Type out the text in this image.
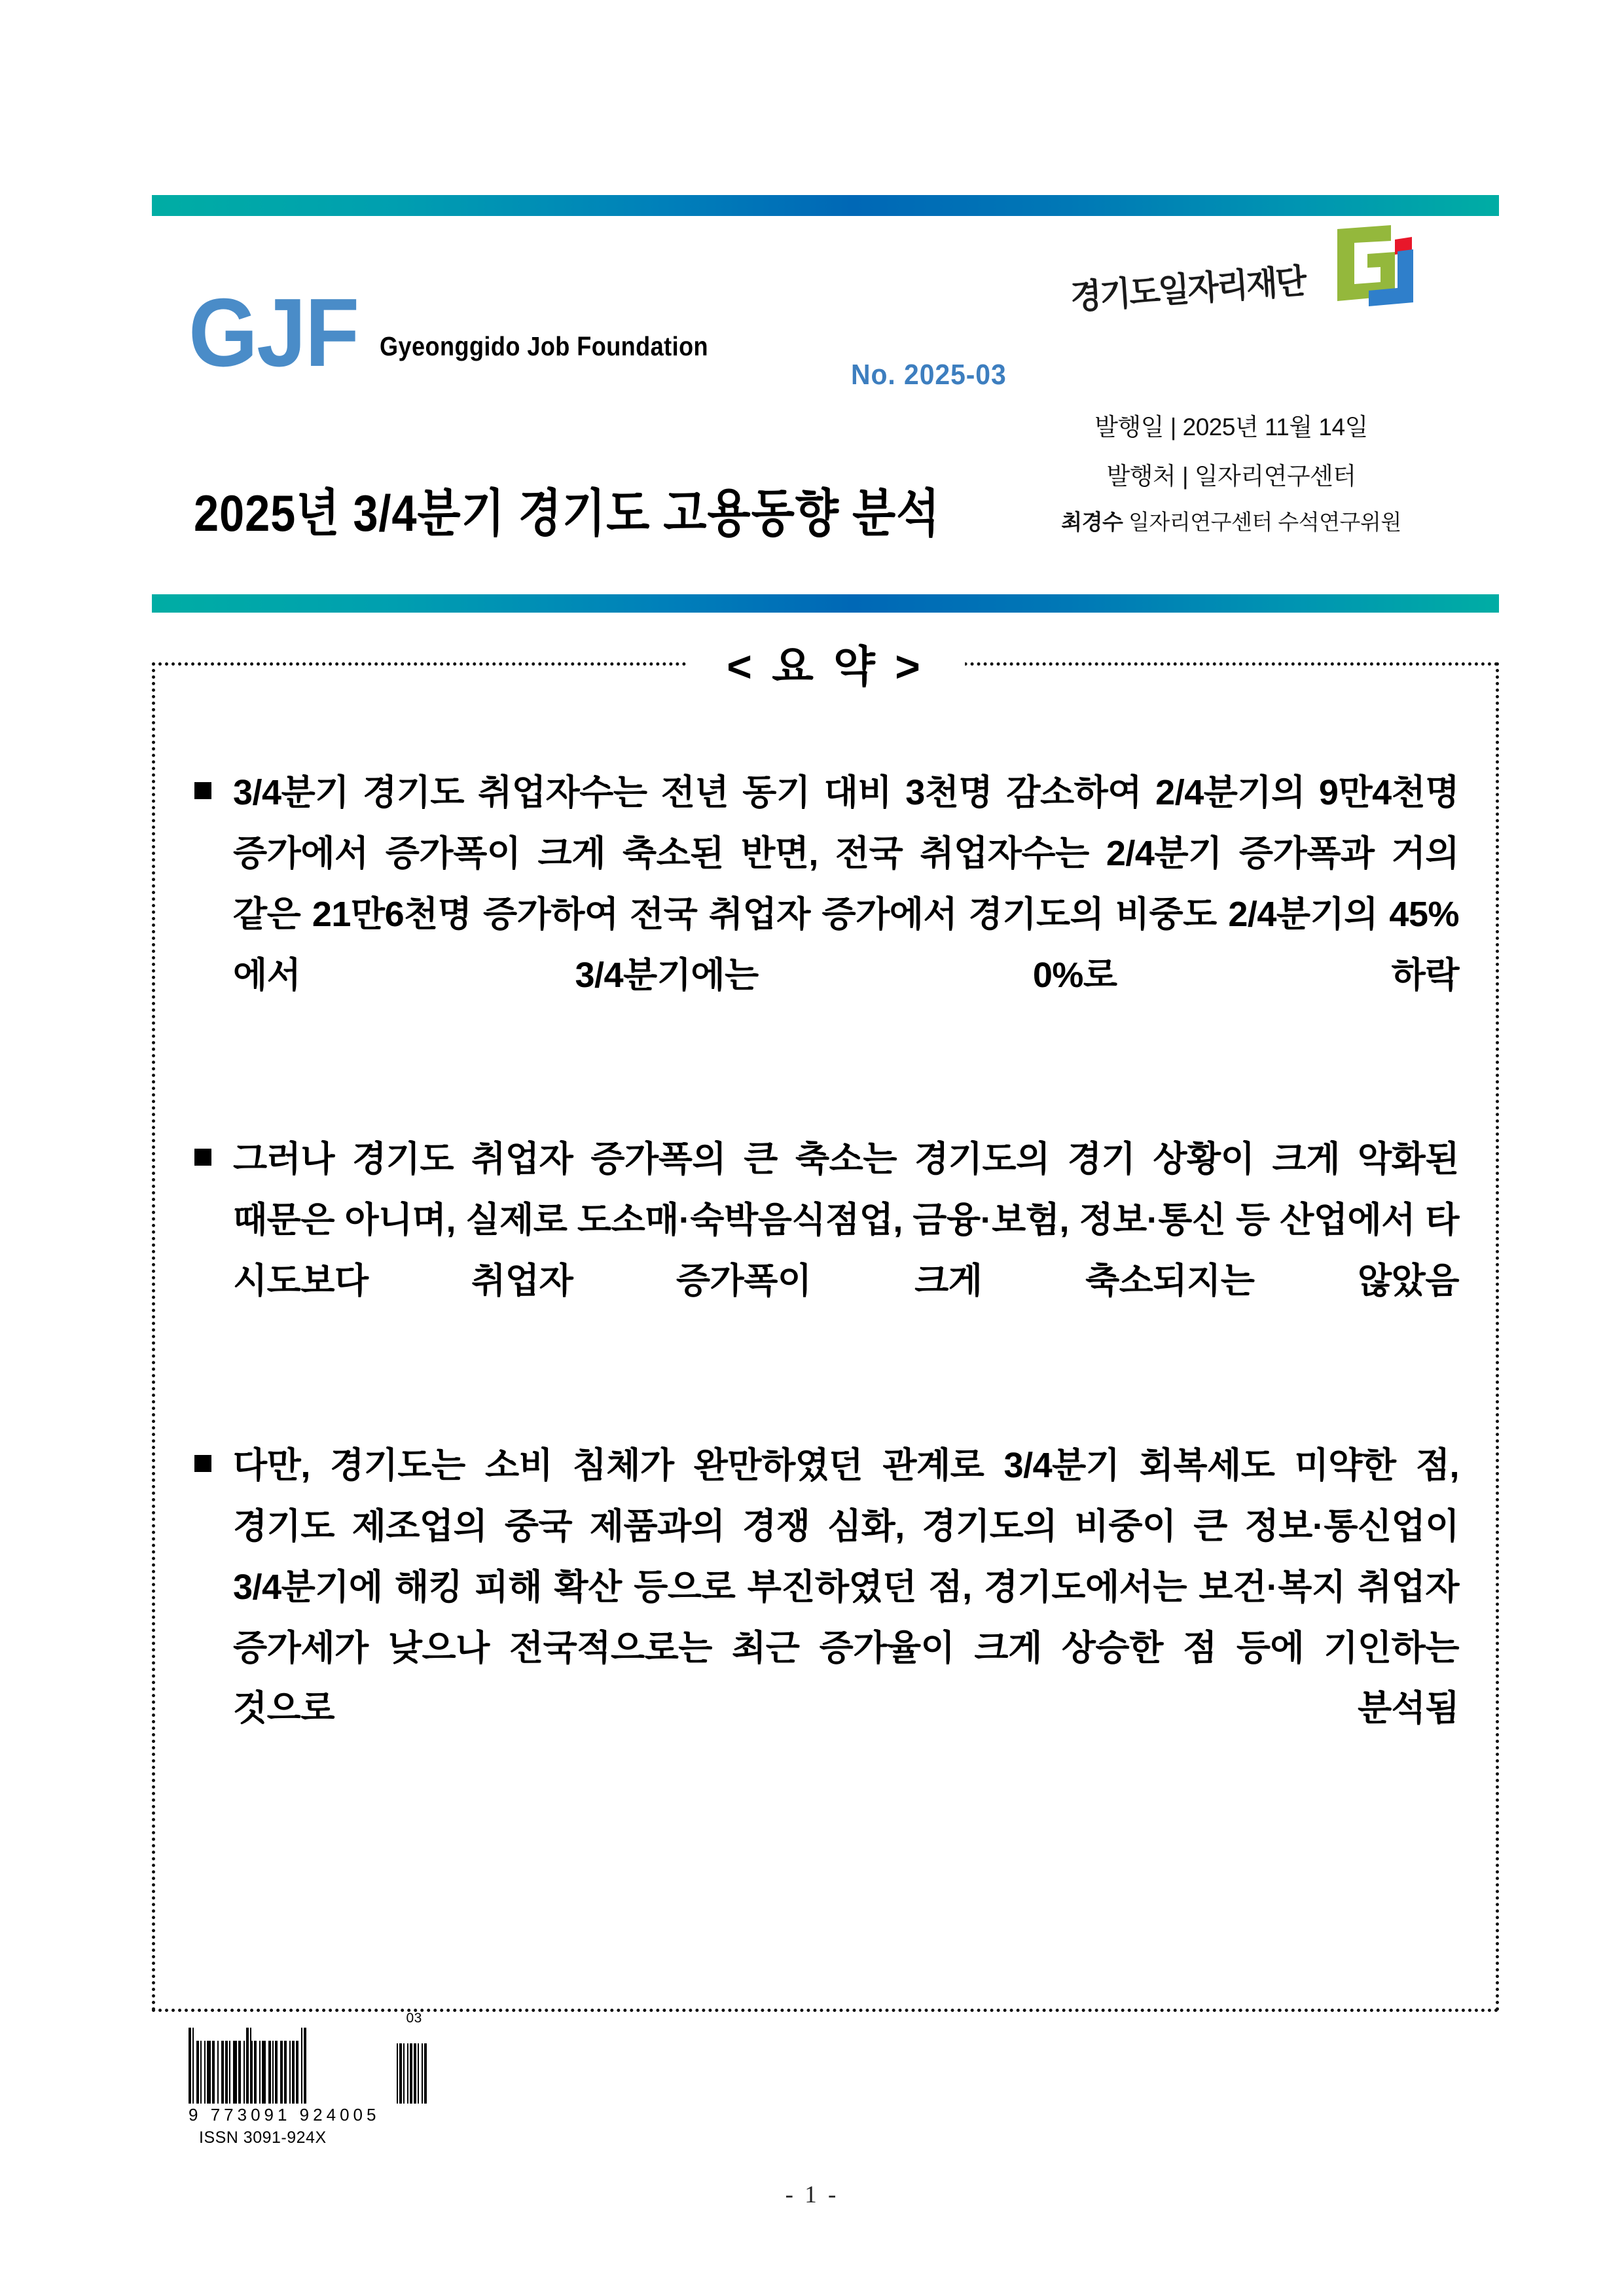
GJF Gyeonggido Job Foundation
No. 2025-03
경기도일자리재단
발행일 | 2025년 11월 14일
발행처 | 일자리연구센터
최경수 일자리연구센터 수석연구위원
2025년 3/4분기 경기도 고용동향 분석
< 요 약 >
3/4분기 경기도 취업자수는 전년 동기 대비 3천명 감소하여 2/4분기의 9만4천명 증가에서 증가폭이 크게 축소된 반면, 전국 취업자수는 2/4분기 증가폭과 거의 같은 21만6천명 증가하여 전국 취업자 증가에서 경기도의 비중도 2/4분기의 45%에서 3/4분기에는 0%로 하락
그러나 경기도 취업자 증가폭의 큰 축소는 경기도의 경기 상황이 크게 악화된 때문은 아니며, 실제로 도소매·숙박음식점업, 금융·보험, 정보·통신 등 산업에서 타 시도보다 취업자 증가폭이 크게 축소되지는 않았음
다만, 경기도는 소비 침체가 완만하였던 관계로 3/4분기 회복세도 미약한 점, 경기도 제조업의 중국 제품과의 경쟁 심화, 경기도의 비중이 큰 정보·통신업이 3/4분기에 해킹 피해 확산 등으로 부진하였던 점, 경기도에서는 보건·복지 취업자 증가세가 낮으나 전국적으로는 최근 증가율이 크게 상승한 점 등에 기인하는 것으로 분석됨
9 773091 924005
03
ISSN 3091-924X
- 1 -
